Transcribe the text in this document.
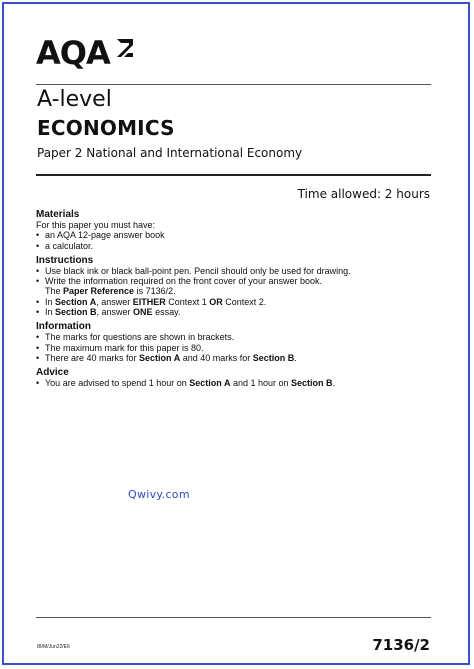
AQA
A-level
ECONOMICS
Paper 2 National and International Economy
Time allowed: 2 hours
Materials

For this paper you must have:

• an AQA 12-page answer book
• a calculator.
Instructions
• Use black ink or black ball-point pen. Pencil should only be used for drawing.
• Write the information required on the front cover of your answer book.
The Paper Reference is 7136/2.
• In Section A, answer EITHER Context 1 OR Context 2.
• In Section B, answer ONE essay.
Information
• The marks for questions are shown in brackets.
• The maximum mark for this paper is 80.
• There are 40 marks for Section A and 40 marks for Section B.
Advice
• You are advised to spend 1 hour on Section A and 1 hour on Section B.
Qwivy.com
IB/M/Jun22/E6	7136/2
